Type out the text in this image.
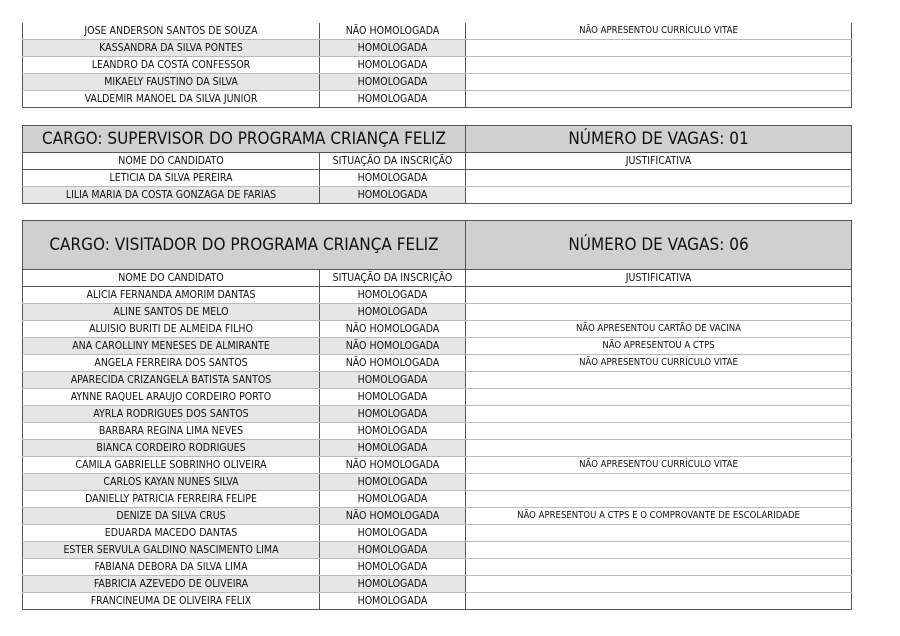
JOSE ANDERSON SANTOS DE SOUZA	NÃO HOMOLOGADA	NÃO APRESENTOU CURRÍCULO VITAE
KASSANDRA DA SILVA PONTES	HOMOLOGADA	
LEANDRO DA COSTA CONFESSOR	HOMOLOGADA	
MIKAELY FAUSTINO DA SILVA	HOMOLOGADA	
VALDEMIR MANOEL DA SILVA JUNIOR	HOMOLOGADA	
CARGO: SUPERVISOR DO PROGRAMA CRIANÇA FELIZ		NÚMERO DE VAGAS: 01
NOME DO CANDIDATO	SITUAÇÃO DA INSCRIÇÃO	JUSTIFICATIVA
LETICIA DA SILVA PEREIRA	HOMOLOGADA	
LILIA MARIA DA COSTA GONZAGA DE FARIAS	HOMOLOGADA	
CARGO: VISITADOR DO PROGRAMA CRIANÇA FELIZ		NÚMERO DE VAGAS: 06
NOME DO CANDIDATO	SITUAÇÃO DA INSCRIÇÃO	JUSTIFICATIVA
ALICIA FERNANDA AMORIM DANTAS	HOMOLOGADA	
ALINE SANTOS DE MELO	HOMOLOGADA	
ALUISIO BURITI DE ALMEIDA FILHO	NÃO HOMOLOGADA	NÃO APRESENTOU CARTÃO DE VACINA
ANA CAROLLINY MENESES DE ALMIRANTE	NÃO HOMOLOGADA	NÃO APRESENTOU A CTPS
ANGELA FERREIRA DOS SANTOS	NÃO HOMOLOGADA	NÃO APRESENTOU CURRÍCULO VITAE
APARECIDA CRIZANGELA BATISTA SANTOS	HOMOLOGADA	
AYNNE RAQUEL ARAUJO CORDEIRO PORTO	HOMOLOGADA	
AYRLA RODRIGUES DOS SANTOS	HOMOLOGADA	
BARBARA REGINA LIMA NEVES	HOMOLOGADA	
BIANCA CORDEIRO RODRIGUES	HOMOLOGADA	
CAMILA GABRIELLE SOBRINHO OLIVEIRA	NÃO HOMOLOGADA	NÃO APRESENTOU CURRÍCULO VITAE
CARLOS KAYAN NUNES SILVA	HOMOLOGADA	
DANIELLY PATRICIA FERREIRA FELIPE	HOMOLOGADA	
DENIZE DA SILVA CRUS	NÃO HOMOLOGADA	NÃO APRESENTOU A CTPS E O COMPROVANTE DE ESCOLARIDADE
EDUARDA MACEDO DANTAS	HOMOLOGADA	
ESTER SERVULA GALDINO NASCIMENTO LIMA	HOMOLOGADA	
FABIANA DEBORA DA SILVA LIMA	HOMOLOGADA	
FABRICIA AZEVEDO DE OLIVEIRA	HOMOLOGADA	
FRANCINEUMA DE OLIVEIRA FELIX	HOMOLOGADA	
